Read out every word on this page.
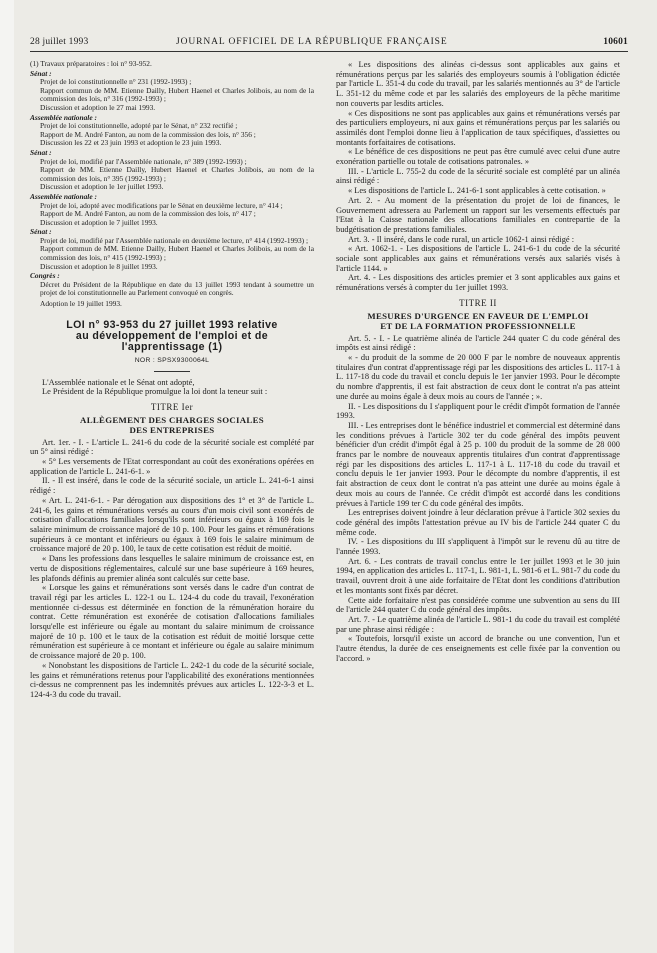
28 juillet 1993	JOURNAL OFFICIEL DE LA RÉPUBLIQUE FRANÇAISE	10601

(1) Travaux préparatoires : loi n° 93-952.

Sénat :

Projet de loi constitutionnelle n° 231 (1992-1993) ;

Rapport commun de MM. Etienne Dailly, Hubert Haenel et Charles Jolibois, au nom de la commission des lois, n° 316 (1992-1993) ;

Discussion et adoption le 27 mai 1993.

Assemblée nationale :

Projet de loi constitutionnelle, adopté par le Sénat, n° 232 rectifié ;

Rapport de M. André Fanton, au nom de la commission des lois, n° 356 ;

Discussion les 22 et 23 juin 1993 et adoption le 23 juin 1993.

Sénat :

Projet de loi, modifié par l'Assemblée nationale, n° 389 (1992-1993) ;

Rapport de MM. Etienne Dailly, Hubert Haenel et Charles Jolibois, au nom de la commission des lois, n° 395 (1992-1993) ;

Discussion et adoption le 1er juillet 1993.

Assemblée nationale :

Projet de loi, adopté avec modifications par le Sénat en deuxième lecture, n° 414 ;

Rapport de M. André Fanton, au nom de la commission des lois, n° 417 ;

Discussion et adoption le 7 juillet 1993.

Sénat :

Projet de loi, modifié par l'Assemblée nationale en deuxième lecture, n° 414 (1992-1993) ;

Rapport commun de MM. Etienne Dailly, Hubert Haenel et Charles Jolibois, au nom de la commission des lois, n° 415 (1992-1993) ;

Discussion et adoption le 8 juillet 1993.

Congrès :

Décret du Président de la République en date du 13 juillet 1993 tendant à soumettre un projet de loi constitutionnelle au Parlement convoqué en congrès.

Adoption le 19 juillet 1993.

LOI n° 93-953 du 27 juillet 1993 relative
au développement de l'emploi et de
l'apprentissage (1)
NOR : SPSX9300064L

L'Assemblée nationale et le Sénat ont adopté,

Le Président de la République promulgue la loi dont la teneur suit :

TITRE Ier
ALLÈGEMENT DES CHARGES SOCIALES
DES ENTREPRISES

Art. 1er. - I. - L'article L. 241-6 du code de la sécurité sociale est complété par un 5° ainsi rédigé :

« 5° Les versements de l'Etat correspondant au coût des exonérations opérées en application de l'article L. 241-6-1. »

II. - Il est inséré, dans le code de la sécurité sociale, un article L. 241-6-1 ainsi rédigé :

« Art. L. 241-6-1. - Par dérogation aux dispositions des 1° et 3° de l'article L. 241-6, les gains et rémunérations versés au cours d'un mois civil sont exonérés de cotisation d'allocations familiales lorsqu'ils sont inférieurs ou égaux à 169 fois le salaire minimum de croissance majoré de 10 p. 100. Pour les gains et rémunérations supérieurs à ce montant et inférieurs ou égaux à 169 fois le salaire minimum de croissance majoré de 20 p. 100, le taux de cette cotisation est réduit de moitié.

« Dans les professions dans lesquelles le salaire minimum de croissance est, en vertu de dispositions réglementaires, calculé sur une base supérieure à 169 heures, les plafonds définis au premier alinéa sont calculés sur cette base.

« Lorsque les gains et rémunérations sont versés dans le cadre d'un contrat de travail régi par les articles L. 122-1 ou L. 124-4 du code du travail, l'exonération mentionnée ci-dessus est déterminée en fonction de la rémunération horaire du contrat. Cette rémunération est exonérée de cotisation d'allocations familiales lorsqu'elle est inférieure ou égale au montant du salaire minimum de croissance majoré de 10 p. 100 et le taux de la cotisation est réduit de moitié lorsque cette rémunération est supérieure à ce montant et inférieure ou égale au salaire minimum de croissance majoré de 20 p. 100.

« Nonobstant les dispositions de l'article L. 242-1 du code de la sécurité sociale, les gains et rémunérations retenus pour l'applicabilité des exonérations mentionnées ci-dessus ne comprennent pas les indemnités prévues aux articles L. 122-3-3 et L. 124-4-3 du code du travail.

« Les dispositions des alinéas ci-dessus sont applicables aux gains et rémunérations perçus par les salariés des employeurs soumis à l'obligation édictée par l'article L. 351-4 du code du travail, par les salariés mentionnés au 3° de l'article L. 351-12 du même code et par les salariés des employeurs de la pêche maritime non couverts par lesdits articles.

« Ces dispositions ne sont pas applicables aux gains et rémunérations versés par des particuliers employeurs, ni aux gains et rémunérations perçus par les salariés ou assimilés dont l'emploi donne lieu à l'application de taux spécifiques, d'assiettes ou montants forfaitaires de cotisations.

« Le bénéfice de ces dispositions ne peut pas être cumulé avec celui d'une autre exonération partielle ou totale de cotisations patronales. »

III. - L'article L. 755-2 du code de la sécurité sociale est complété par un alinéa ainsi rédigé :

« Les dispositions de l'article L. 241-6-1 sont applicables à cette cotisation. »

Art. 2. - Au moment de la présentation du projet de loi de finances, le Gouvernement adressera au Parlement un rapport sur les versements effectués par l'Etat à la Caisse nationale des allocations familiales en contrepartie de la budgétisation de prestations familiales.

Art. 3. - Il inséré, dans le code rural, un article 1062-1 ainsi rédigé :

« Art. 1062-1. - Les dispositions de l'article L. 241-6-1 du code de la sécurité sociale sont applicables aux gains et rémunérations versés aux salariés visés à l'article 1144. »

Art. 4. - Les dispositions des articles premier et 3 sont applicables aux gains et rémunérations versés à compter du 1er juillet 1993.

TITRE II
MESURES D'URGENCE EN FAVEUR DE L'EMPLOI
ET DE LA FORMATION PROFESSIONNELLE

Art. 5. - I. - Le quatrième alinéa de l'article 244 quater C du code général des impôts est ainsi rédigé :

« - du produit de la somme de 20 000 F par le nombre de nouveaux apprentis titulaires d'un contrat d'apprentissage régi par les dispositions des articles L. 117-1 à L. 117-18 du code du travail et conclu depuis le 1er janvier 1993. Pour le décompte du nombre d'apprentis, il est fait abstraction de ceux dont le contrat n'a pas atteint une durée au moins égale à deux mois au cours de l'année ; ».

II. - Les dispositions du I s'appliquent pour le crédit d'impôt formation de l'année 1993.

III. - Les entreprises dont le bénéfice industriel et commercial est déterminé dans les conditions prévues à l'article 302 ter du code général des impôts peuvent bénéficier d'un crédit d'impôt égal à 25 p. 100 du produit de la somme de 28 000 francs par le nombre de nouveaux apprentis titulaires d'un contrat d'apprentissage régi par les dispositions des articles L. 117-1 à L. 117-18 du code du travail et conclu depuis le 1er janvier 1993. Pour le décompte du nombre d'apprentis, il est fait abstraction de ceux dont le contrat n'a pas atteint une durée au moins égale à deux mois au cours de l'année. Ce crédit d'impôt est accordé dans les conditions prévues à l'article 199 ter C du code général des impôts.

Les entreprises doivent joindre à leur déclaration prévue à l'article 302 sexies du code général des impôts l'attestation prévue au IV bis de l'article 244 quater C du même code.

IV. - Les dispositions du III s'appliquent à l'impôt sur le revenu dû au titre de l'année 1993.

Art. 6. - Les contrats de travail conclus entre le 1er juillet 1993 et le 30 juin 1994, en application des articles L. 117-1, L. 981-1, L. 981-6 et L. 981-7 du code du travail, ouvrent droit à une aide forfaitaire de l'Etat dont les conditions d'attribution et les montants sont fixés par décret.

Cette aide forfaitaire n'est pas considérée comme une subvention au sens du III de l'article 244 quater C du code général des impôts.

Art. 7. - Le quatrième alinéa de l'article L. 981-1 du code du travail est complété par une phrase ainsi rédigée :

« Toutefois, lorsqu'il existe un accord de branche ou une convention, l'un et l'autre étendus, la durée de ces enseignements est celle fixée par la convention ou l'accord. »
